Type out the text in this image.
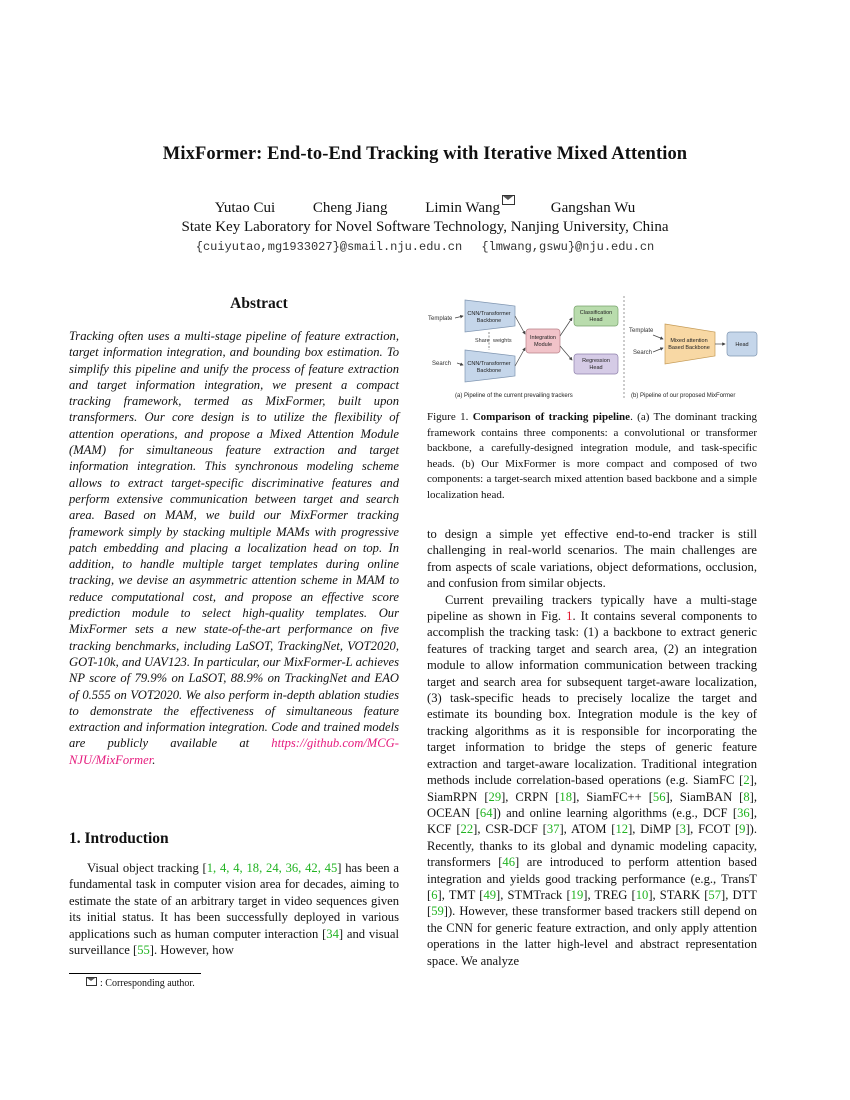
MixFormer: End-to-End Tracking with Iterative Mixed Attention
Yutao Cui	Cheng Jiang	Limin Wang	Gangshan Wu
State Key Laboratory for Novel Software Technology, Nanjing University, China
{cuiyutao,mg1933027}@smail.nju.edu.cn {lmwang,gswu}@nju.edu.cn
Abstract
Tracking often uses a multi-stage pipeline of feature extraction, target information integration, and bounding box estimation. To simplify this pipeline and unify the process of feature extraction and target information integration, we present a compact tracking framework, termed as MixFormer, built upon transformers. Our core design is to utilize the flexibility of attention operations, and propose a Mixed Attention Module (MAM) for simultaneous feature extraction and target information integration. This synchronous modeling scheme allows to extract target-specific discriminative features and perform extensive communication between target and search area. Based on MAM, we build our MixFormer tracking framework simply by stacking multiple MAMs with progressive patch embedding and placing a localization head on top. In addition, to handle multiple target templates during online tracking, we devise an asymmetric attention scheme in MAM to reduce computational cost, and propose an effective score prediction module to select high-quality templates. Our MixFormer sets a new state-of-the-art performance on five tracking benchmarks, including LaSOT, TrackingNet, VOT2020, GOT-10k, and UAV123. In particular, our MixFormer-L achieves NP score of 79.9% on LaSOT, 88.9% on TrackingNet and EAO of 0.555 on VOT2020. We also perform in-depth ablation studies to demonstrate the effectiveness of simultaneous feature extraction and information integration. Code and trained models are publicly available at https://github.com/MCG-NJU/MixFormer.
1. Introduction

Visual object tracking [1, 4, 4, 18, 24, 36, 42, 45] has been a fundamental task in computer vision area for decades, aiming to estimate the state of an arbitrary target in video sequences given its initial status. It has been successfully deployed in various applications such as human computer interaction [34] and visual surveillance [55]. However, how

: Corresponding author.
Template
Search
CNN/Transformer
Backbone
CNN/Transformer
Backbone
Share weights	Integration
Module
Classification
Head
Regression
Head
(a) Pipeline of the current prevailing trackers
Template
Search
Mixed attention
Based Backbone	Head
(b) Pipeline of our proposed MixFormer
Figure 1. Comparison of tracking pipeline. (a) The dominant tracking framework contains three components: a convolutional or transformer backbone, a carefully-designed integration module, and task-specific heads. (b) Our MixFormer is more compact and composed of two components: a target-search mixed attention based backbone and a simple localization head.

to design a simple yet effective end-to-end tracker is still challenging in real-world scenarios. The main challenges are from aspects of scale variations, object deformations, occlusion, and confusion from similar objects.

Current prevailing trackers typically have a multi-stage pipeline as shown in Fig. 1. It contains several components to accomplish the tracking task: (1) a backbone to extract generic features of tracking target and search area, (2) an integration module to allow information communication between tracking target and search area for subsequent target-aware localization, (3) task-specific heads to precisely localize the target and estimate its bounding box. Integration module is the key of tracking algorithms as it is responsible for incorporating the target information to bridge the steps of generic feature extraction and target-aware localization. Traditional integration methods include correlation-based operations (e.g. SiamFC [2], SiamRPN [29], CRPN [18], SiamFC++ [56], SiamBAN [8], OCEAN [64]) and online learning algorithms (e.g., DCF [36], KCF [22], CSR-DCF [37], ATOM [12], DiMP [3], FCOT [9]). Recently, thanks to its global and dynamic modeling capacity, transformers [46] are introduced to perform attention based integration and yields good tracking performance (e.g., TransT [6], TMT [49], STMTrack [19], TREG [10], STARK [57], DTT [59]). However, these transformer based trackers still depend on the CNN for generic feature extraction, and only apply attention operations in the latter high-level and abstract representation space. We analyze
